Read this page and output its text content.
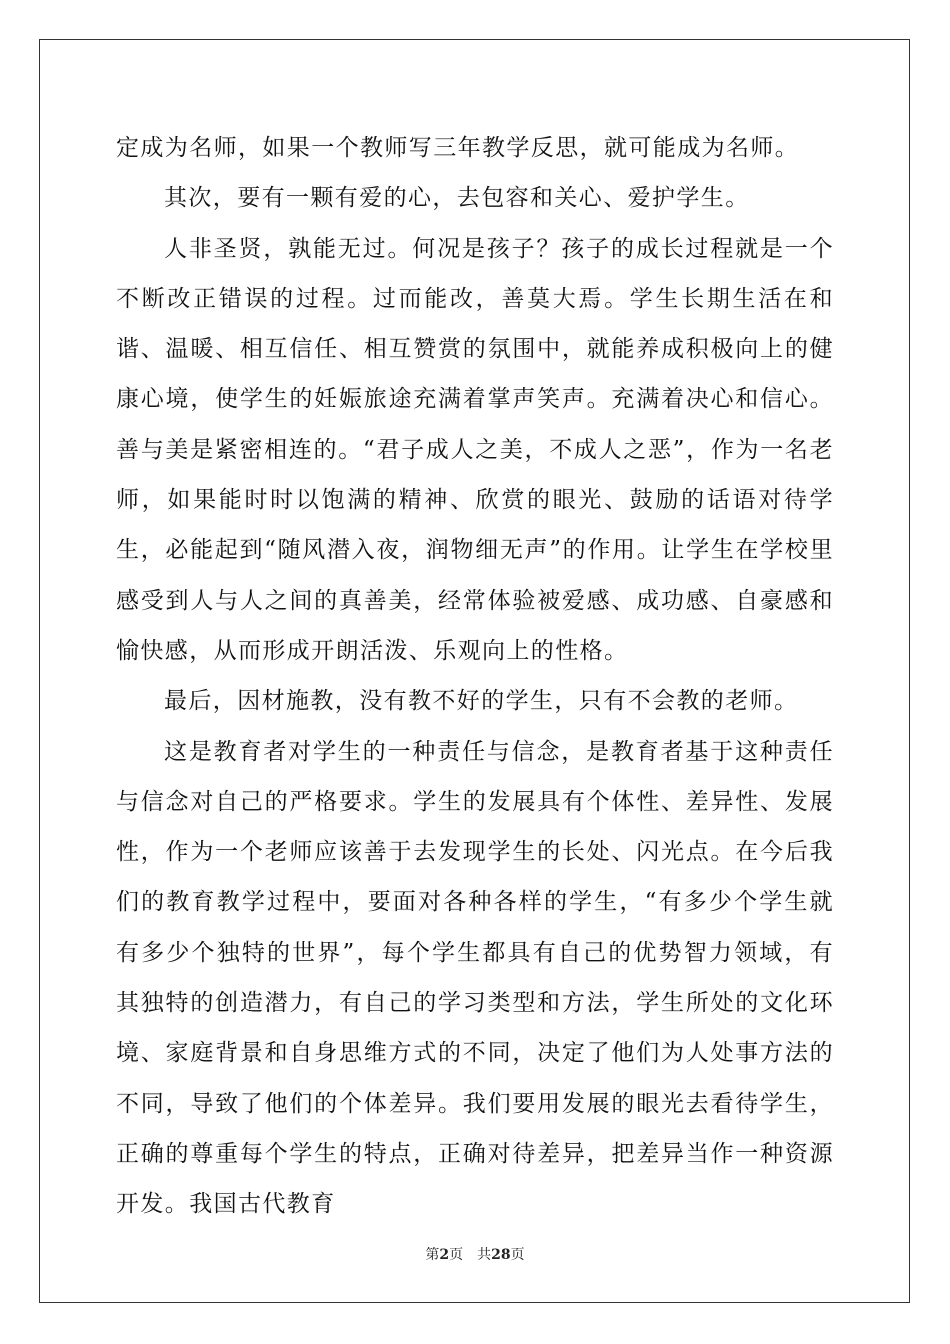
定成为名师，如果一个教师写三年教学反思，就可能成为名师。

其次，要有一颗有爱的心，去包容和关心、爱护学生。

人非圣贤，孰能无过。何况是孩子？孩子的成长过程就是一个不断改正错误的过程。过而能改，善莫大焉。学生长期生活在和谐、温暖、相互信任、相互赞赏的氛围中，就能养成积极向上的健康心境，使学生的妊娠旅途充满着掌声笑声。充满着决心和信心。善与美是紧密相连的。“君子成人之美，不成人之恶”，作为一名老师，如果能时时以饱满的精神、欣赏的眼光、鼓励的话语对待学生，必能起到“随风潜入夜，润物细无声”的作用。让学生在学校里感受到人与人之间的真善美，经常体验被爱感、成功感、自豪感和愉快感，从而形成开朗活泼、乐观向上的性格。

最后，因材施教，没有教不好的学生，只有不会教的老师。

这是教育者对学生的一种责任与信念，是教育者基于这种责任与信念对自己的严格要求。学生的发展具有个体性、差异性、发展性，作为一个老师应该善于去发现学生的长处、闪光点。在今后我们的教育教学过程中，要面对各种各样的学生，“有多少个学生就有多少个独特的世界”，每个学生都具有自己的优势智力领域，有其独特的创造潜力，有自己的学习类型和方法，学生所处的文化环境、家庭背景和自身思维方式的不同，决定了他们为人处事方法的不同，导致了他们的个体差异。我们要用发展的眼光去看待学生，正确的尊重每个学生的特点，正确对待差异，把差异当作一种资源开发。我国古代教育

第2页 共28页
